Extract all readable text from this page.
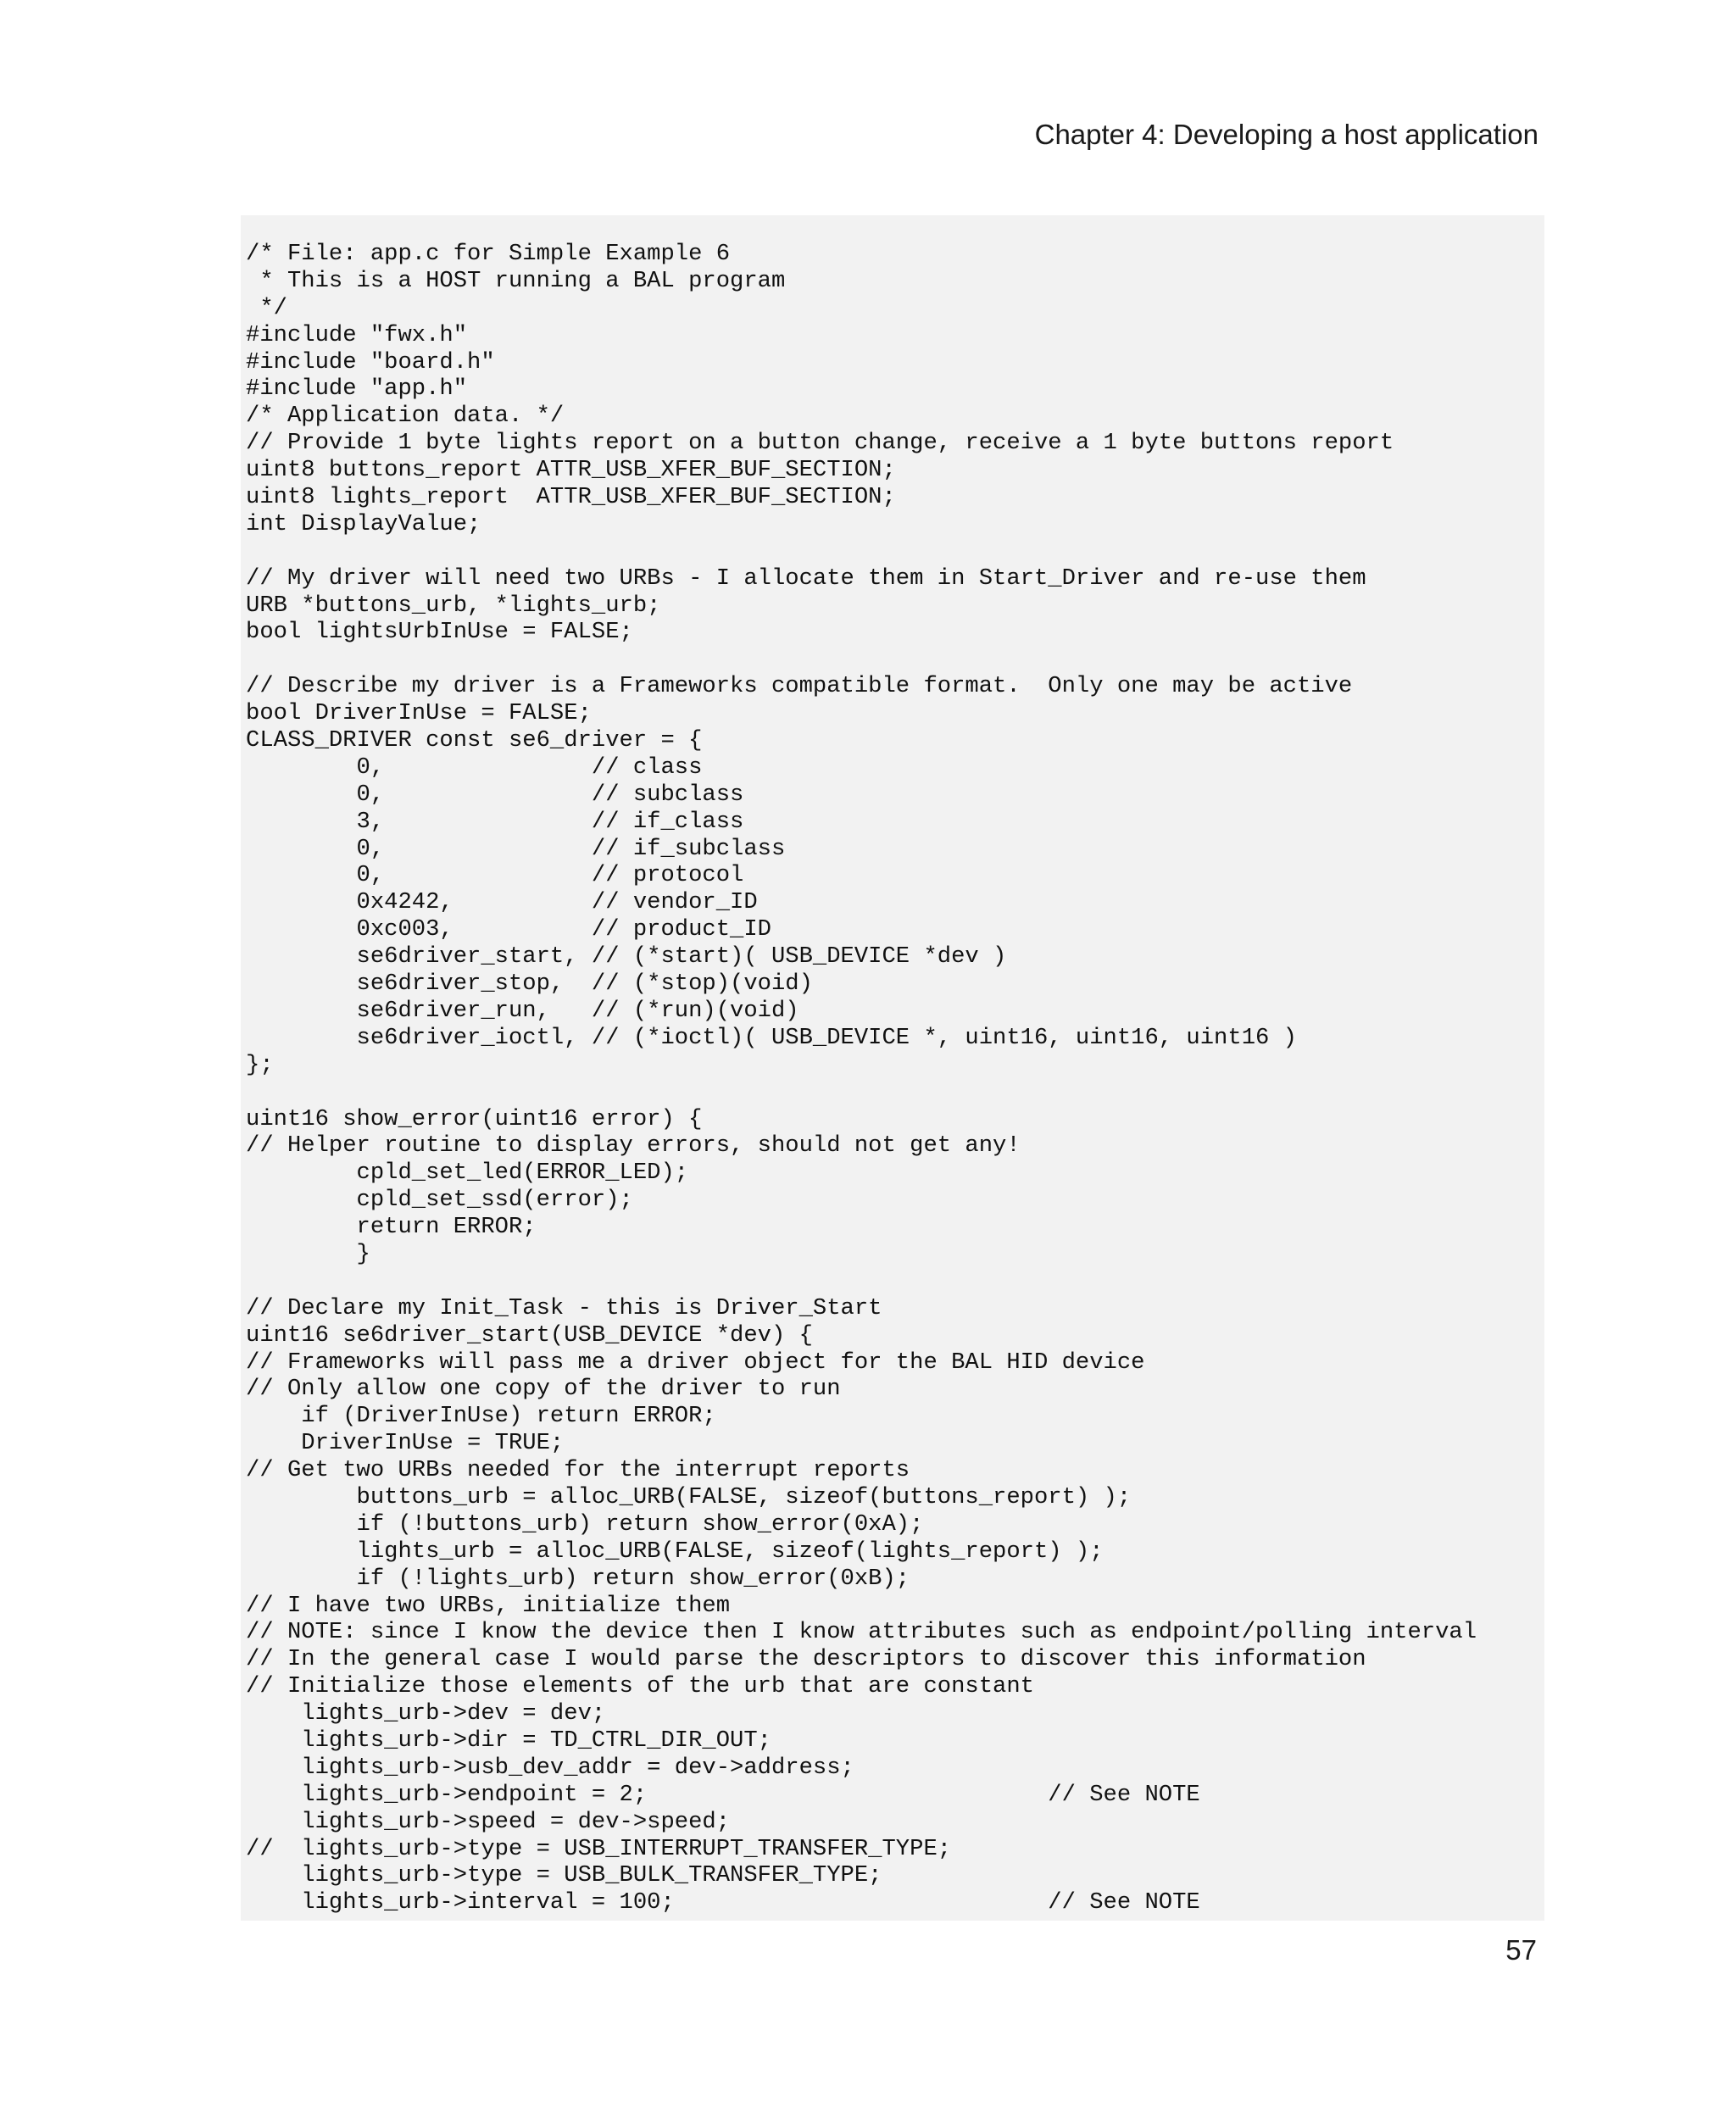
Chapter 4: Developing a host application
/* File: app.c for Simple Example 6
* This is a HOST running a BAL program
*/
#include "fwx.h"
#include "board.h"
#include "app.h"
/* Application data. */
// Provide 1 byte lights report on a button change, receive a 1 byte buttons report
uint8 buttons_report ATTR_USB_XFER_BUF_SECTION;
uint8 lights_report  ATTR_USB_XFER_BUF_SECTION;
int DisplayValue;
// My driver will need two URBs - I allocate them in Start_Driver and re-use them
URB *buttons_urb, *lights_urb;
bool lightsUrbInUse = FALSE;
// Describe my driver is a Frameworks compatible format.  Only one may be active
bool DriverInUse = FALSE;
CLASS_DRIVER const se6_driver = {
0,               // class
0,               // subclass
3,               // if_class
0,               // if_subclass
0,               // protocol
0x4242,          // vendor_ID
0xc003,          // product_ID
se6driver_start, // (*start)( USB_DEVICE *dev )
se6driver_stop,  // (*stop)(void)
se6driver_run,   // (*run)(void)
se6driver_ioctl, // (*ioctl)( USB_DEVICE *, uint16, uint16, uint16 )
};
uint16 show_error(uint16 error) {
// Helper routine to display errors, should not get any!
cpld_set_led(ERROR_LED);
cpld_set_ssd(error);
return ERROR;
}
// Declare my Init_Task - this is Driver_Start
uint16 se6driver_start(USB_DEVICE *dev) {
// Frameworks will pass me a driver object for the BAL HID device
// Only allow one copy of the driver to run
if (DriverInUse) return ERROR;
DriverInUse = TRUE;
// Get two URBs needed for the interrupt reports
buttons_urb = alloc_URB(FALSE, sizeof(buttons_report) );
if (!buttons_urb) return show_error(0xA);
lights_urb = alloc_URB(FALSE, sizeof(lights_report) );
if (!lights_urb) return show_error(0xB);
// I have two URBs, initialize them
// NOTE: since I know the device then I know attributes such as endpoint/polling interval
// In the general case I would parse the descriptors to discover this information
// Initialize those elements of the urb that are constant
lights_urb->dev = dev;
lights_urb->dir = TD_CTRL_DIR_OUT;
lights_urb->usb_dev_addr = dev->address;
lights_urb->endpoint = 2;                             // See NOTE
lights_urb->speed = dev->speed;
//  lights_urb->type = USB_INTERRUPT_TRANSFER_TYPE;
lights_urb->type = USB_BULK_TRANSFER_TYPE;
lights_urb->interval = 100;                           // See NOTE
57
